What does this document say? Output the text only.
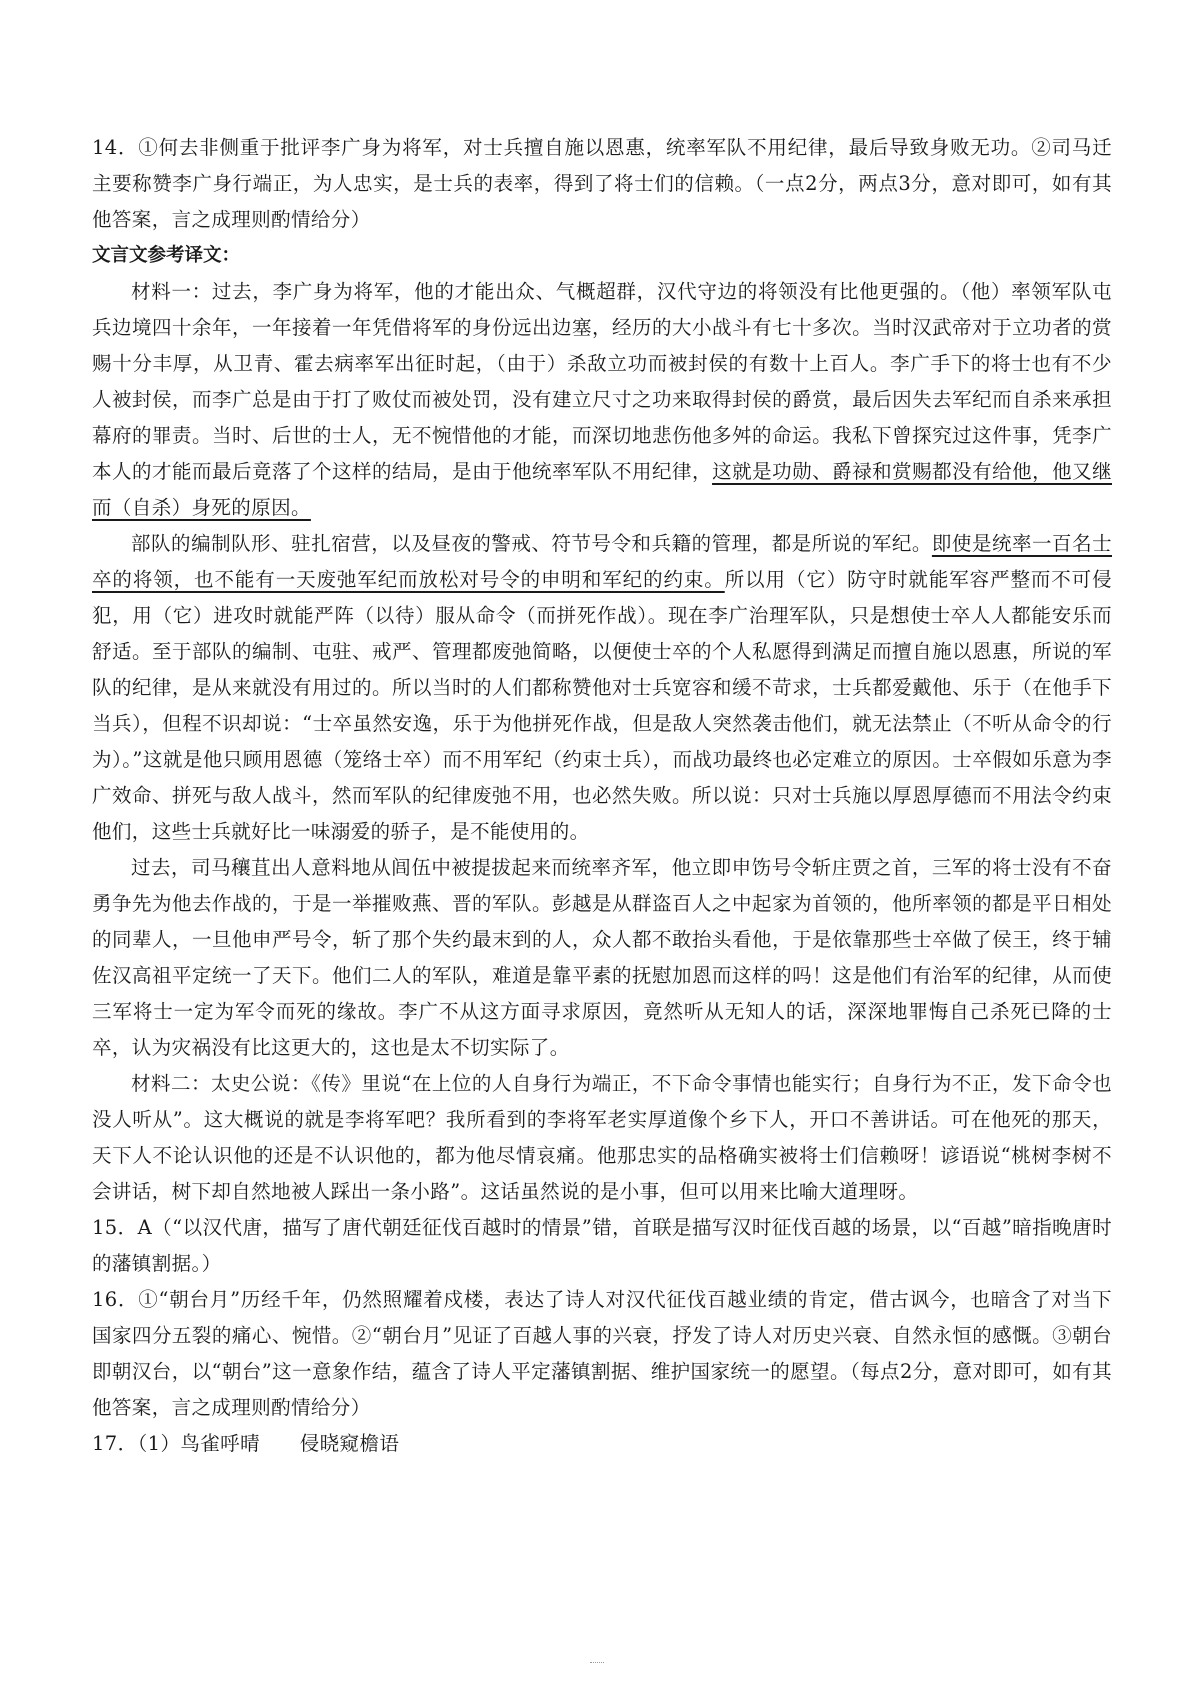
14．①何去非侧重于批评李广身为将军，对士兵擅自施以恩惠，统率军队不用纪律，最后导致身败无功。②司马迁主要称赞李广身行端正，为人忠实，是士兵的表率，得到了将士们的信赖。（一点2分，两点3分，意对即可，如有其他答案，言之成理则酌情给分）

文言文参考译文：

材料一：过去，李广身为将军，他的才能出众、气概超群，汉代守边的将领没有比他更强的。（他）率领军队屯兵边境四十余年，一年接着一年凭借将军的身份远出边塞，经历的大小战斗有七十多次。当时汉武帝对于立功者的赏赐十分丰厚，从卫青、霍去病率军出征时起，（由于）杀敌立功而被封侯的有数十上百人。李广手下的将士也有不少人被封侯，而李广总是由于打了败仗而被处罚，没有建立尺寸之功来取得封侯的爵赏，最后因失去军纪而自杀来承担幕府的罪责。当时、后世的士人，无不惋惜他的才能，而深切地悲伤他多舛的命运。我私下曾探究过这件事，凭李广本人的才能而最后竟落了个这样的结局，是由于他统率军队不用纪律，这就是功勋、爵禄和赏赐都没有给他，他又继而（自杀）身死的原因。

部队的编制队形、驻扎宿营，以及昼夜的警戒、符节号令和兵籍的管理，都是所说的军纪。即使是统率一百名士卒的将领，也不能有一天废弛军纪而放松对号令的申明和军纪的约束。所以用（它）防守时就能军容严整而不可侵犯，用（它）进攻时就能严阵（以待）服从命令（而拼死作战）。现在李广治理军队，只是想使士卒人人都能安乐而舒适。至于部队的编制、屯驻、戒严、管理都废弛简略，以便使士卒的个人私愿得到满足而擅自施以恩惠，所说的军队的纪律，是从来就没有用过的。所以当时的人们都称赞他对士兵宽容和缓不苛求，士兵都爱戴他、乐于（在他手下当兵），但程不识却说：“士卒虽然安逸，乐于为他拼死作战，但是敌人突然袭击他们，就无法禁止（不听从命令的行为）。”这就是他只顾用恩德（笼络士卒）而不用军纪（约束士兵），而战功最终也必定难立的原因。士卒假如乐意为李广效命、拼死与敌人战斗，然而军队的纪律废弛不用，也必然失败。所以说：只对士兵施以厚恩厚德而不用法令约束他们，这些士兵就好比一味溺爱的骄子，是不能使用的。

过去，司马穰苴出人意料地从闾伍中被提拔起来而统率齐军，他立即申饬号令斩庄贾之首，三军的将士没有不奋勇争先为他去作战的，于是一举摧败燕、晋的军队。彭越是从群盗百人之中起家为首领的，他所率领的都是平日相处的同辈人，一旦他申严号令，斩了那个失约最末到的人，众人都不敢抬头看他，于是依靠那些士卒做了侯王，终于辅佐汉高祖平定统一了天下。他们二人的军队，难道是靠平素的抚慰加恩而这样的吗！这是他们有治军的纪律，从而使三军将士一定为军令而死的缘故。李广不从这方面寻求原因，竟然听从无知人的话，深深地罪悔自己杀死已降的士卒，认为灾祸没有比这更大的，这也是太不切实际了。

材料二：太史公说：《传》里说“在上位的人自身行为端正，不下命令事情也能实行；自身行为不正，发下命令也没人听从”。这大概说的就是李将军吧？我所看到的李将军老实厚道像个乡下人，开口不善讲话。可在他死的那天，天下人不论认识他的还是不认识他的，都为他尽情哀痛。他那忠实的品格确实被将士们信赖呀！谚语说“桃树李树不会讲话，树下却自然地被人踩出一条小路”。这话虽然说的是小事，但可以用来比喻大道理呀。

15．A（“以汉代唐，描写了唐代朝廷征伐百越时的情景”错，首联是描写汉时征伐百越的场景，以“百越”暗指晚唐时的藩镇割据。）

16．①“朝台月”历经千年，仍然照耀着戍楼，表达了诗人对汉代征伐百越业绩的肯定，借古讽今，也暗含了对当下国家四分五裂的痛心、惋惜。②“朝台月”见证了百越人事的兴衰，抒发了诗人对历史兴衰、自然永恒的感慨。③朝台即朝汉台，以“朝台”这一意象作结，蕴含了诗人平定藩镇割据、维护国家统一的愿望。（每点2分，意对即可，如有其他答案，言之成理则酌情给分）

17．（1）鸟雀呼晴　　侵晓窥檐语
